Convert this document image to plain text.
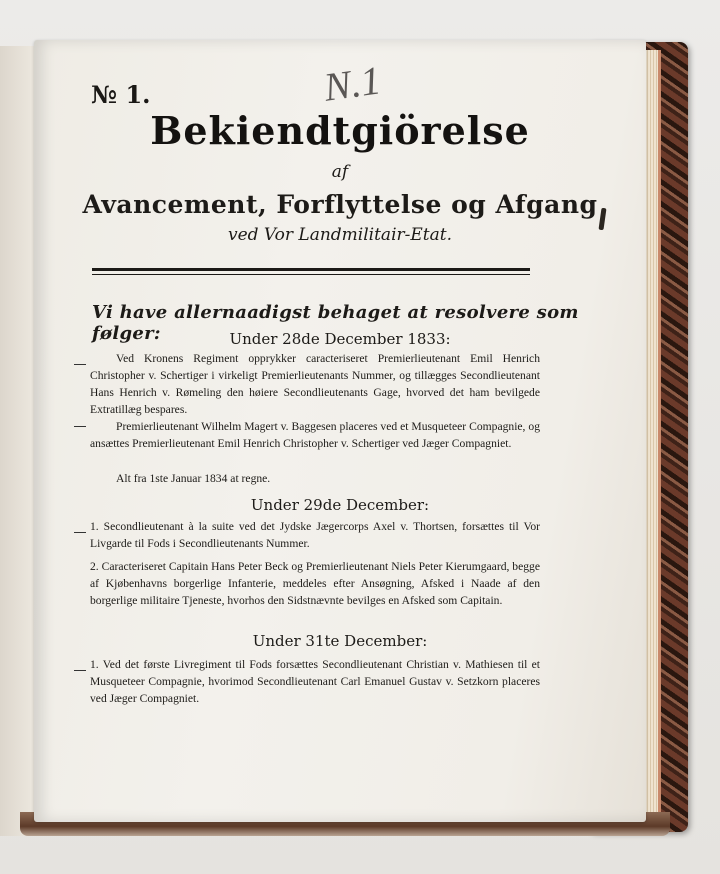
№ 1.	N.1
Bekiendtgiörelse
af
Avancement, Forflyttelse og Afgang
ved Vor Landmilitair-Etat.
Vi have allernaadigst behaget at resolvere som følger:	Under 28de December 1833:
Ved Kronens Regiment opprykker caracteriseret Premierlieutenant Emil Henrich Christopher v. Schertiger i virkeligt Premierlieutenants Nummer, og tillægges Secondlieutenant Hans Henrich v. Rømeling den høiere Secondlieutenants Gage, hvorved det ham bevilgede Extratillæg bespares.
Premierlieutenant Wilhelm Magert v. Baggesen placeres ved et Musqueteer Compagnie, og ansættes Premierlieutenant Emil Henrich Christopher v. Schertiger ved Jæger Compagniet.
Alt fra 1ste Januar 1834 at regne.
Under 29de December:
1. Secondlieutenant à la suite ved det Jydske Jægercorps Axel v. Thortsen, forsættes til Vor Livgarde til Fods i Secondlieutenants Nummer.
2. Caracteriseret Capitain Hans Peter Beck og Premierlieutenant Niels Peter Kierumgaard, begge af Kjøbenhavns borgerlige Infanterie, meddeles efter Ansøgning, Afsked i Naade af den borgerlige militaire Tjeneste, hvorhos den Sidstnævnte bevilges en Afsked som Capitain.
Under 31te December:
1. Ved det første Livregiment til Fods forsættes Secondlieutenant Christian v. Mathiesen til et Musqueteer Compagnie, hvorimod Secondlieutenant Carl Emanuel Gustav v. Setzkorn placeres ved Jæger Compagniet.
